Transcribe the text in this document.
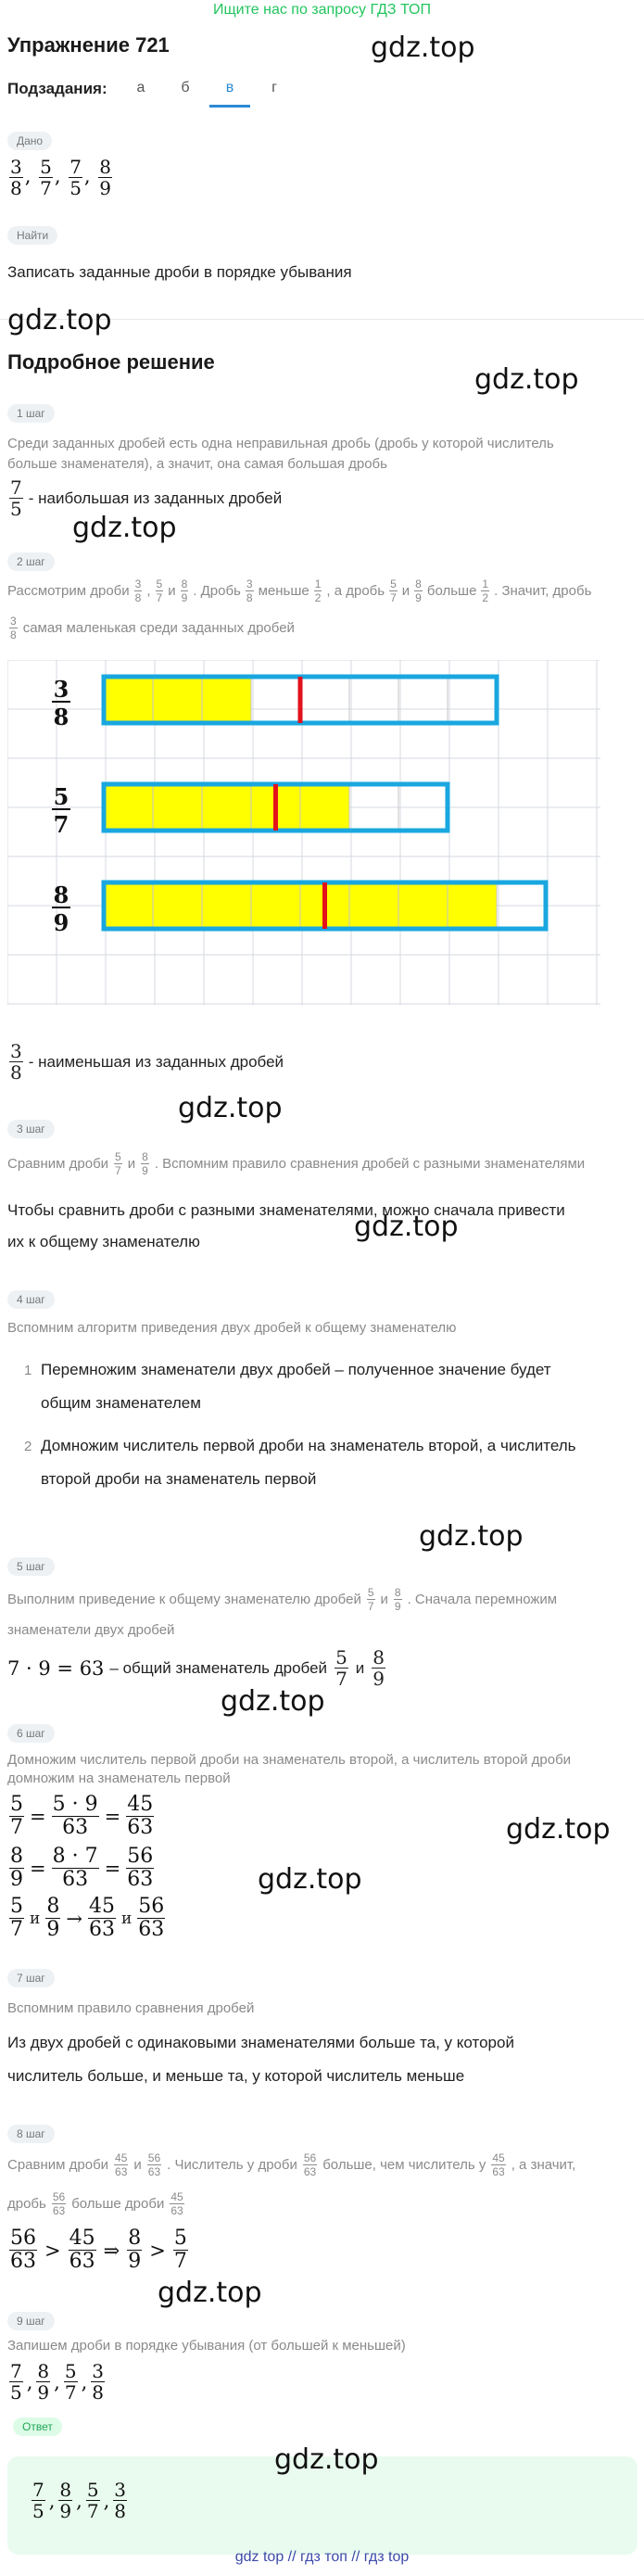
Ищите нас по запросу ГДЗ ТОП
Упражнение 721	gdz.top
Подзадания:	а	б	в	г
Дано
$\frac{3}{8}$ , $\frac{5}{7}$ , $\frac{7}{5}$ , $\frac{8}{9}$
Найти
Записать заданные дроби в порядке убывания
gdz.top
Подробное решение
gdz.top
1 шаг
Среди заданных дробей есть одна неправильная дробь (дробь у которой числитель
больше знаменателя), а значит, она самая большая дробь
$\frac{7}{5}$ - наибольшая из заданных дробей
gdz.top
2 шаг
Рассмотрим дроби $\frac{3}{8}$ , $\frac{5}{7}$ и $\frac{8}{9}$ . Дробь $\frac{3}{8}$ меньше $\frac{1}{2}$ , а дробь $\frac{5}{7}$ и $\frac{8}{9}$ больше $\frac{1}{2}$ . Значит, дробь
$\frac{3}{8}$ самая маленькая среди заданных дробей
3
8
5
7
8
9
$\frac{3}{8}$ - наименьшая из заданных дробей
gdz.top
3 шаг
Сравним дроби $\frac{5}{7}$ и $\frac{8}{9}$ . Вспомним правило сравнения дробей с разными знаменателями
Чтобы сравнить дроби с разными знаменателями, можно сначала привести
их к общему знаменателю	gdz.top
4 шаг
Вспомним алгоритм приведения двух дробей к общему знаменателю
1 Перемножим знаменатели двух дробей – полученное значение будет
общим знаменателем
2 Домножим числитель первой дроби на знаменатель второй, а числитель
второй дроби на знаменатель первой
gdz.top
5 шаг
Выполним приведение к общему знаменателю дробей $\frac{5}{7}$ и $\frac{8}{9}$ . Сначала перемножим
знаменатели двух дробей
7 · 9 = 63 – общий знаменатель дробей $\frac{5}{7}$ и $\frac{8}{9}$
gdz.top
6 шаг
Домножим числитель первой дроби на знаменатель второй, а числитель второй дроби
домножим на знаменатель первой
$\frac{5}{7} = \frac{5 \cdot 9}{63} = \frac{45}{63}$
$\frac{8}{9} = \frac{8 \cdot 7}{63} = \frac{56}{63}$
$\frac{5}{7}$ и $\frac{8}{9} \to \frac{45}{63}$ и $\frac{56}{63}$
gdz.top
gdz.top
7 шаг
Вспомним правило сравнения дробей
Из двух дробей с одинаковыми знаменателями больше та, у которой
числитель больше, и меньше та, у которой числитель меньше
8 шаг
Сравним дроби $\frac{45}{63}$ и $\frac{56}{63}$ . Числитель у дроби $\frac{56}{63}$ больше, чем числитель у $\frac{45}{63}$ , а значит,
дробь $\frac{56}{63}$ больше дроби $\frac{45}{63}$
$\frac{56}{63} > \frac{45}{63}$ ⇒ $\frac{8}{9} > \frac{5}{7}$
gdz.top
9 шаг
Запишем дроби в порядке убывания (от большей к меньшей)
$\frac{7}{5}$ , $\frac{8}{9}$ , $\frac{5}{7}$ , $\frac{3}{8}$
Ответ
gdz.top
$\frac{7}{5}$ , $\frac{8}{9}$ , $\frac{5}{7}$ , $\frac{3}{8}$
gdz top // гдз топ // гдз top
